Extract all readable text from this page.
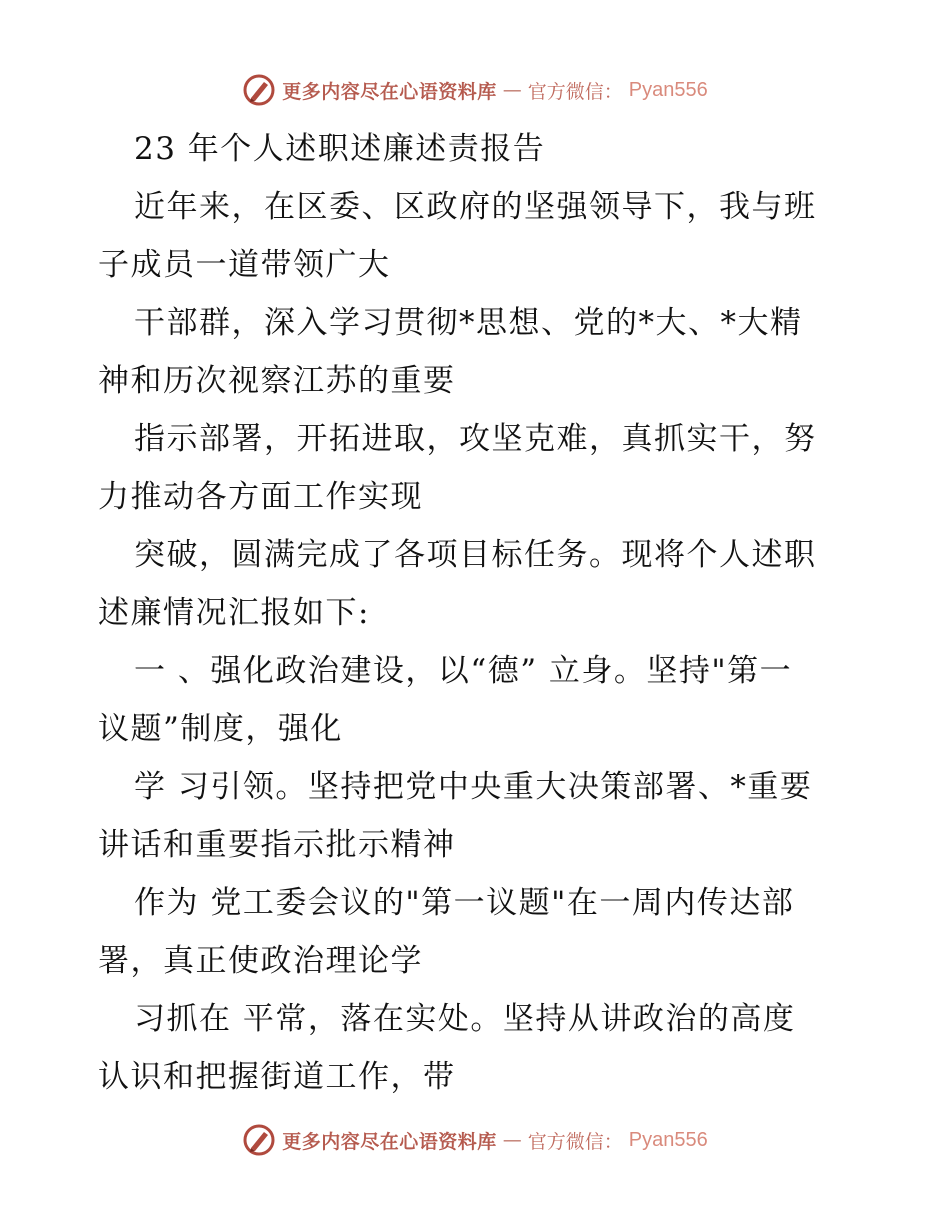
更多内容尽在心语资料库 — 官方微信： Pyan556
23 年个人述职述廉述责报告
近年来，在区委、区政府的坚强领导下，我与班
子成员一道带领广大
干部群，深入学习贯彻*思想、党的*大、*大精
神和历次视察江苏的重要
指示部署，开拓进取，攻坚克难，真抓实干，努
力推动各方面工作实现
突破，圆满完成了各项目标任务。现将个人述职
述廉情况汇报如下:
一 、强化政治建设，以“德” 立身。坚持"第一
议题”制度，强化
学 习引领。坚持把党中央重大决策部署、*重要
讲话和重要指示批示精神
作为 党工委会议的"第一议题"在一周内传达部
署，真正使政治理论学
习抓在 平常，落在实处。坚持从讲政治的高度
认识和把握街道工作，带
更多内容尽在心语资料库 — 官方微信： Pyan556
